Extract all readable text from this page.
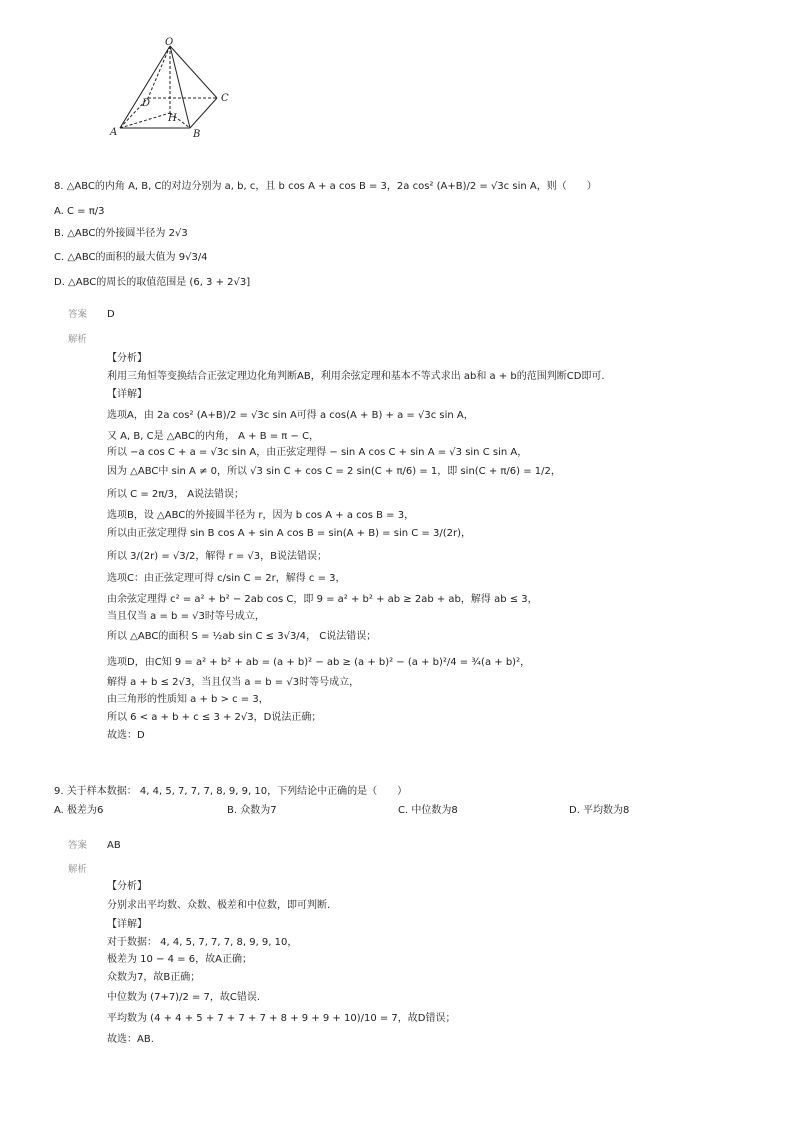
O
D	C
H
A	B
8. △ABC的内角 A, B, C的对边分别为 a, b, c，且 b cos A + a cos B = 3，2a cos² (A+B)/2 = √3c sin A，则（　　）
A. C = π/3
B. △ABC的外接圆半径为 2√3
C. △ABC的面积的最大值为 9√3/4
D. △ABC的周长的取值范围是 (6, 3 + 2√3]
答案 D
解析
【分析】
利用三角恒等变换结合正弦定理边化角判断AB，利用余弦定理和基本不等式求出 ab和 a + b的范围判断CD即可.
【详解】
选项A，由 2a cos² (A+B)/2 = √3c sin A可得 a cos(A + B) + a = √3c sin A，
又 A, B, C是 △ABC的内角， A + B = π − C，
所以 −a cos C + a = √3c sin A，由正弦定理得 − sin A cos C + sin A = √3 sin C sin A，
因为 △ABC中 sin A ≠ 0，所以 √3 sin C + cos C = 2 sin(C + π/6) = 1，即 sin(C + π/6) = 1/2，
所以 C = 2π/3， A说法错误；
选项B，设 △ABC的外接圆半径为 r，因为 b cos A + a cos B = 3，
所以由正弦定理得 sin B cos A + sin A cos B = sin(A + B) = sin C = 3/(2r)，
所以 3/(2r) = √3/2，解得 r = √3，B说法错误；
选项C：由正弦定理可得 c/sin C = 2r，解得 c = 3，
由余弦定理得 c² = a² + b² − 2ab cos C，即 9 = a² + b² + ab ≥ 2ab + ab，解得 ab ≤ 3，
当且仅当 a = b = √3时等号成立，
所以 △ABC的面积 S = ½ab sin C ≤ 3√3/4， C说法错误；
选项D，由C知 9 = a² + b² + ab = (a + b)² − ab ≥ (a + b)² − (a + b)²/4 = ¾(a + b)²，
解得 a + b ≤ 2√3，当且仅当 a = b = √3时等号成立，
由三角形的性质知 a + b > c = 3，
所以 6 < a + b + c ≤ 3 + 2√3，D说法正确；
故选：D
9. 关于样本数据： 4, 4, 5, 7, 7, 7, 8, 9, 9, 10，下列结论中正确的是（　　）
A. 极差为6	B. 众数为7	C. 中位数为8	D. 平均数为8
答案 AB
解析
【分析】
分别求出平均数、众数、极差和中位数，即可判断.
【详解】
对于数据： 4, 4, 5, 7, 7, 7, 8, 9, 9, 10，
极差为 10 − 4 = 6，故A正确；
众数为7，故B正确；
中位数为 (7+7)/2 = 7，故C错误.
平均数为 (4 + 4 + 5 + 7 + 7 + 7 + 8 + 9 + 9 + 10)/10 = 7，故D错误；
故选：AB.
